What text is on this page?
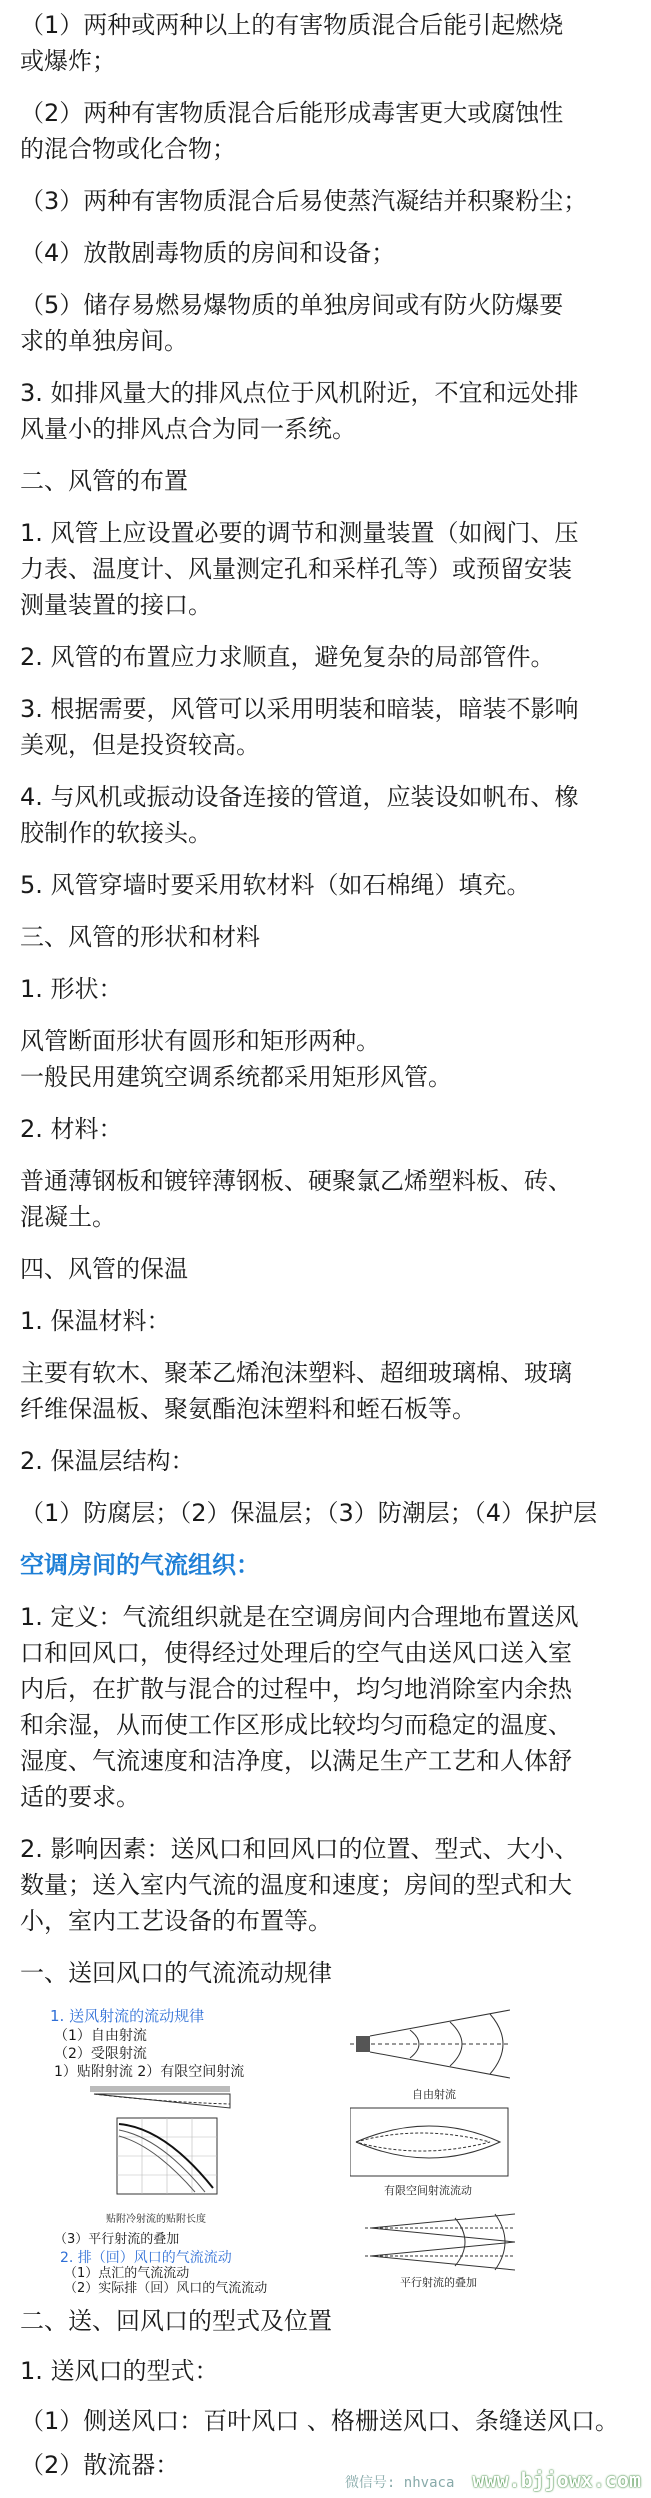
（1）两种或两种以上的有害物质混合后能引起燃烧

或爆炸；

（2）两种有害物质混合后能形成毒害更大或腐蚀性

的混合物或化合物；

（3）两种有害物质混合后易使蒸汽凝结并积聚粉尘；

（4）放散剧毒物质的房间和设备；

（5）储存易燃易爆物质的单独房间或有防火防爆要

求的单独房间。

3. 如排风量大的排风点位于风机附近，不宜和远处排

风量小的排风点合为同一系统。

二、风管的布置

1. 风管上应设置必要的调节和测量装置（如阀门、压

力表、温度计、风量测定孔和采样孔等）或预留安装

测量装置的接口。

2. 风管的布置应力求顺直，避免复杂的局部管件。

3. 根据需要，风管可以采用明装和暗装，暗装不影响

美观，但是投资较高。

4. 与风机或振动设备连接的管道，应装设如帆布、橡

胶制作的软接头。

5. 风管穿墙时要采用软材料（如石棉绳）填充。

三、风管的形状和材料

1. 形状：

风管断面形状有圆形和矩形两种。

一般民用建筑空调系统都采用矩形风管。

2. 材料：

普通薄钢板和镀锌薄钢板、硬聚氯乙烯塑料板、砖、

混凝土。

四、风管的保温

1. 保温材料：

主要有软木、聚苯乙烯泡沫塑料、超细玻璃棉、玻璃

纤维保温板、聚氨酯泡沫塑料和蛭石板等。

2. 保温层结构：

（1）防腐层；（2）保温层；（3）防潮层；（4）保护层

空调房间的气流组织：

1. 定义：气流组织就是在空调房间内合理地布置送风

口和回风口，使得经过处理后的空气由送风口送入室

内后，在扩散与混合的过程中，均匀地消除室内余热

和余湿，从而使工作区形成比较均匀而稳定的温度、

湿度、气流速度和洁净度，以满足生产工艺和人体舒

适的要求。

2. 影响因素：送风口和回风口的位置、型式、大小、

数量；送入室内气流的温度和速度；房间的型式和大

小，室内工艺设备的布置等。

一、送回风口的气流流动规律

二、送、回风口的型式及位置

1. 送风口的型式：

（1）侧送风口：百叶风口 、格栅送风口、条缝送风口。

（2）散流器：

1. 送风射流的流动规律
（1）自由射流
（2）受限射流
1）贴附射流 2）有限空间射流
贴附冷射流的贴附长度
自由射流
有限空间射流流动
（3）平行射流的叠加
2. 排（回）风口的气流流动
（1）点汇的气流流动
（2）实际排（回）风口的气流流动	平行射流的叠加
微信号: nhvaca www.bjjowx.com
